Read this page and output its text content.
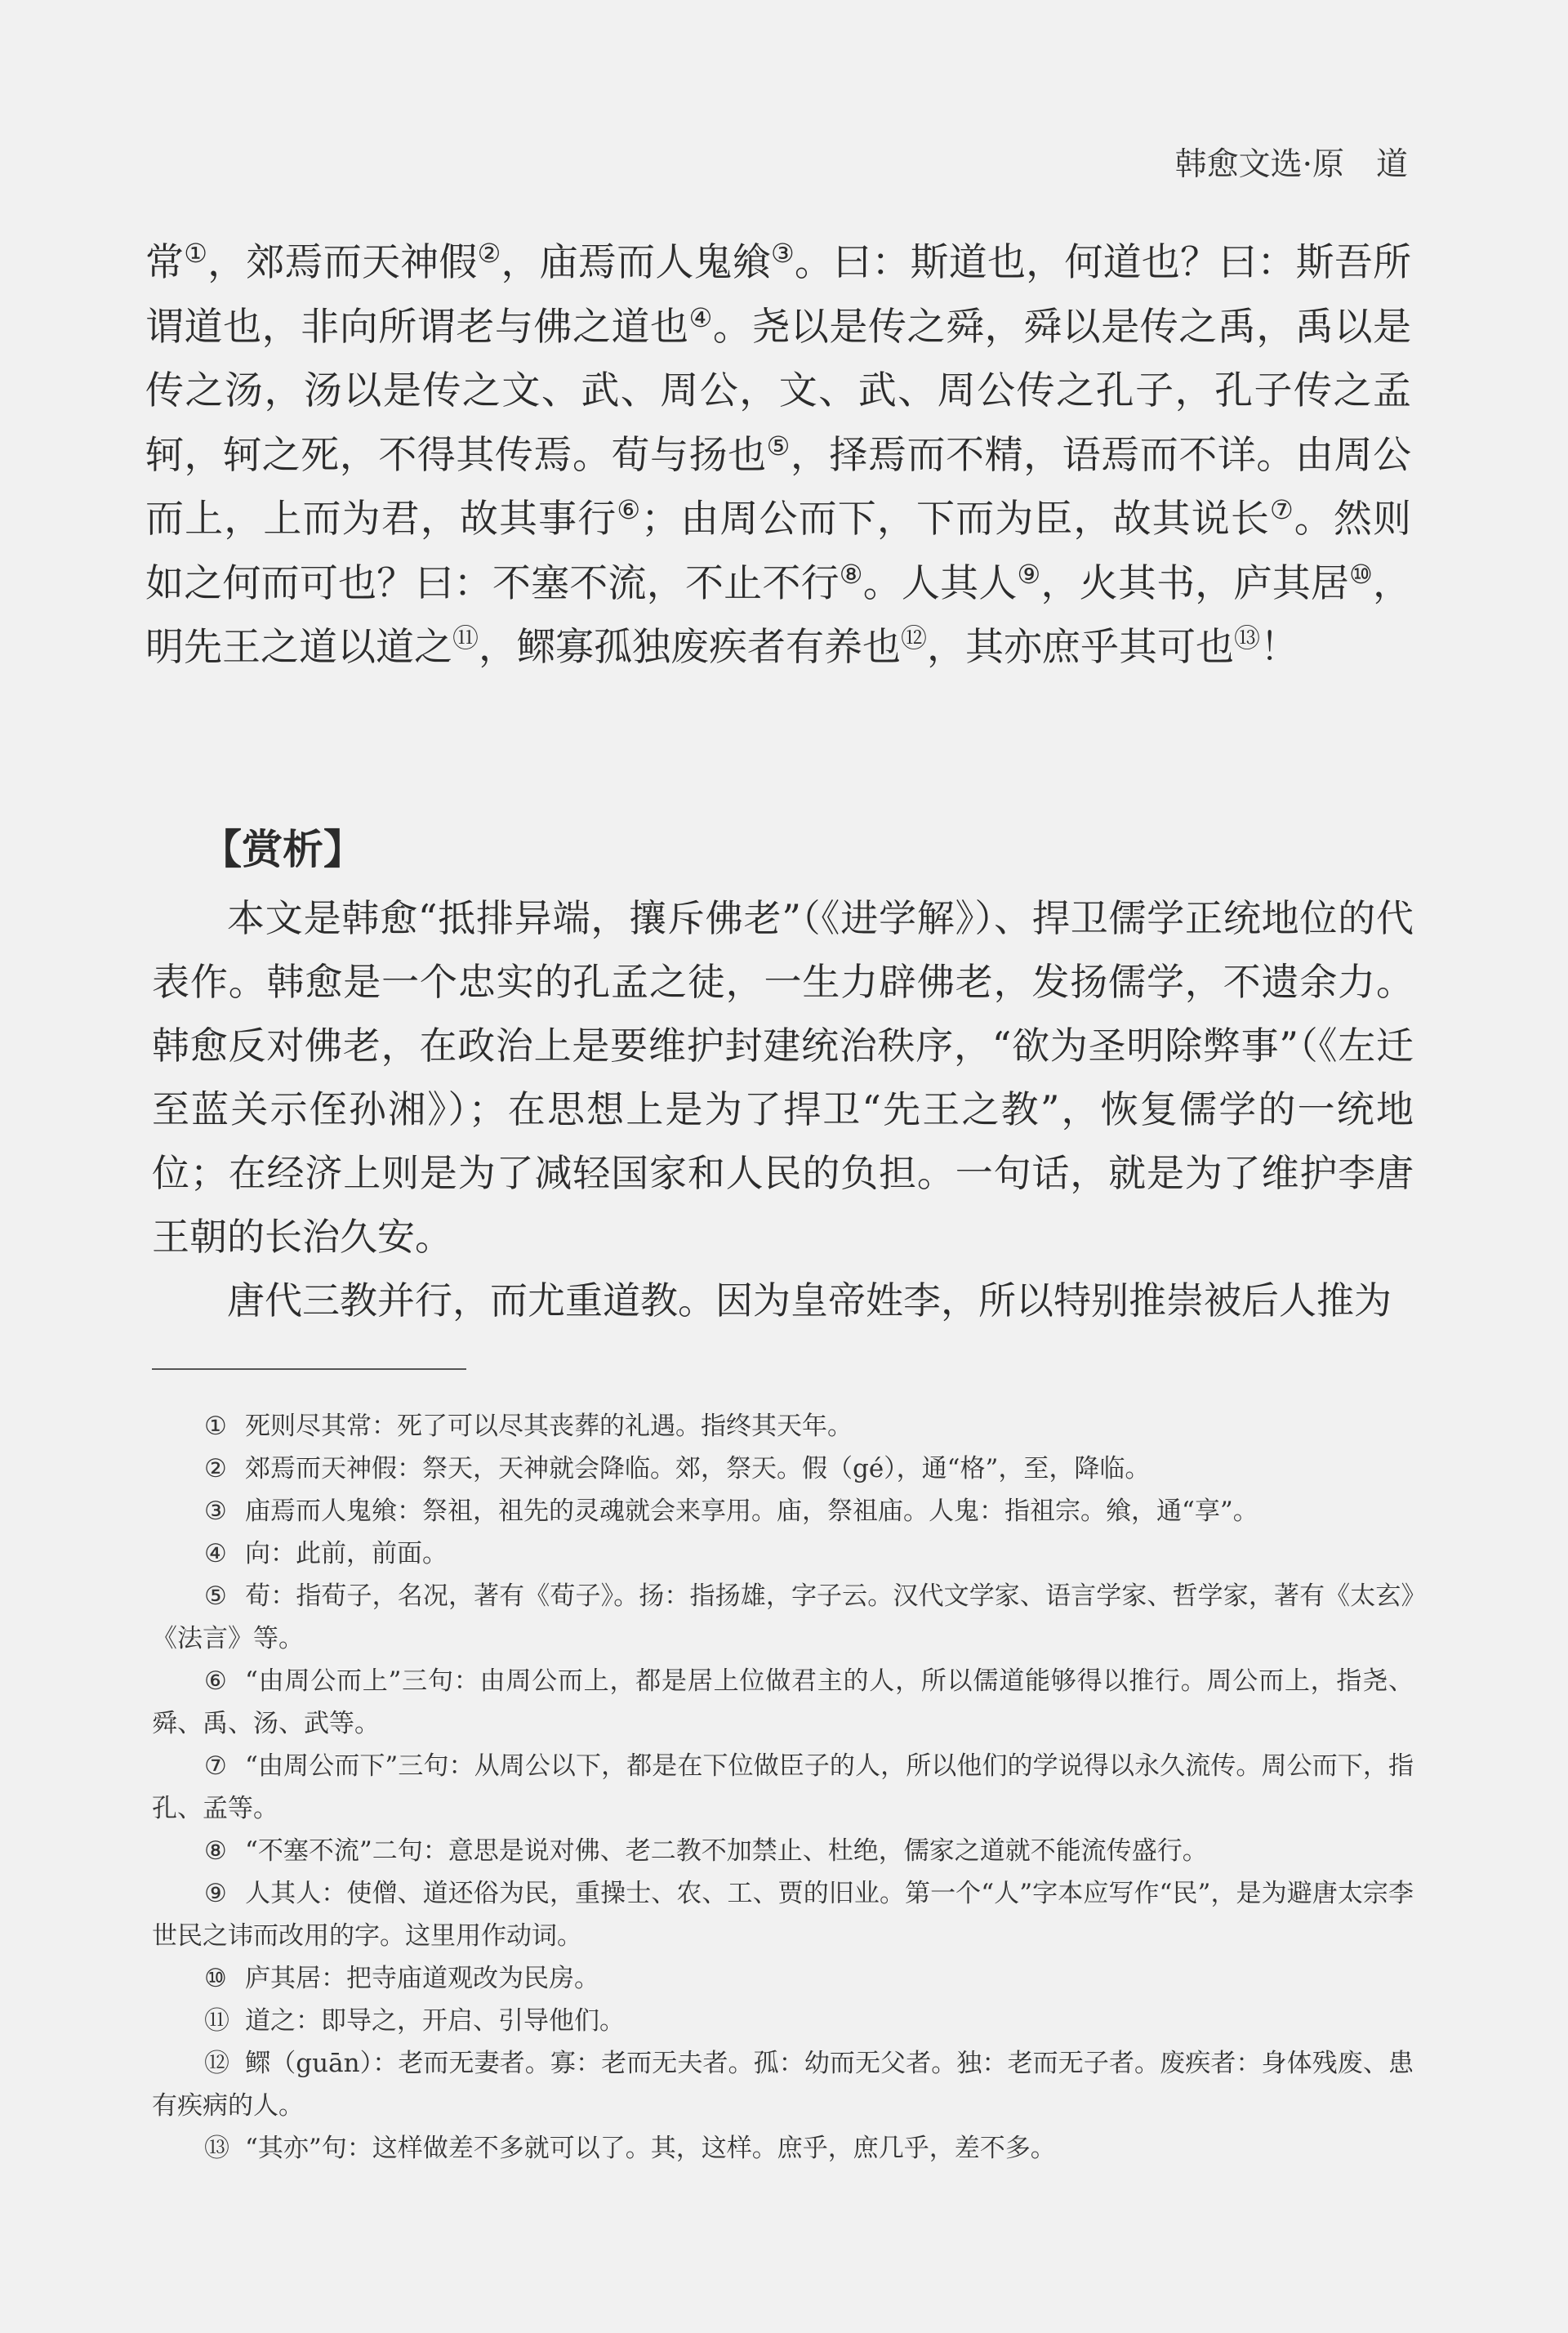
韩愈文选·原　道

常①，郊焉而天神假②，庙焉而人鬼飨③。曰：斯道也，何道也？曰：斯吾所谓道也，非向所谓老与佛之道也④。尧以是传之舜，舜以是传之禹，禹以是传之汤，汤以是传之文、武、周公，文、武、周公传之孔子，孔子传之孟轲，轲之死，不得其传焉。荀与扬也⑤，择焉而不精，语焉而不详。由周公而上，上而为君，故其事行⑥；由周公而下，下而为臣，故其说长⑦。然则如之何而可也？曰：不塞不流，不止不行⑧。人其人⑨，火其书，庐其居⑩，明先王之道以道之⑪，鳏寡孤独废疾者有养也⑫，其亦庶乎其可也⑬！

【赏析】

本文是韩愈“抵排异端，攘斥佛老”（《进学解》）、捍卫儒学正统地位的代表作。韩愈是一个忠实的孔孟之徒，一生力辟佛老，发扬儒学，不遗余力。韩愈反对佛老，在政治上是要维护封建统治秩序，“欲为圣明除弊事”（《左迁至蓝关示侄孙湘》）；在思想上是为了捍卫“先王之教”，恢复儒学的一统地位；在经济上则是为了减轻国家和人民的负担。一句话，就是为了维护李唐王朝的长治久安。

唐代三教并行，而尤重道教。因为皇帝姓李，所以特别推崇被后人推为

① 死则尽其常：死了可以尽其丧葬的礼遇。指终其天年。

② 郊焉而天神假：祭天，天神就会降临。郊，祭天。假（gé），通“格”，至，降临。

③ 庙焉而人鬼飨：祭祖，祖先的灵魂就会来享用。庙，祭祖庙。人鬼：指祖宗。飨，通“享”。

④ 向：此前，前面。

⑤ 荀：指荀子，名况，著有《荀子》。扬：指扬雄，字子云。汉代文学家、语言学家、哲学家，著有《太玄》《法言》等。

⑥ “由周公而上”三句：由周公而上，都是居上位做君主的人，所以儒道能够得以推行。周公而上，指尧、舜、禹、汤、武等。

⑦ “由周公而下”三句：从周公以下，都是在下位做臣子的人，所以他们的学说得以永久流传。周公而下，指孔、孟等。

⑧ “不塞不流”二句：意思是说对佛、老二教不加禁止、杜绝，儒家之道就不能流传盛行。

⑨ 人其人：使僧、道还俗为民，重操士、农、工、贾的旧业。第一个“人”字本应写作“民”，是为避唐太宗李世民之讳而改用的字。这里用作动词。

⑩ 庐其居：把寺庙道观改为民房。

⑪ 道之：即导之，开启、引导他们。

⑫ 鳏（guān）：老而无妻者。寡：老而无夫者。孤：幼而无父者。独：老而无子者。废疾者：身体残废、患有疾病的人。

⑬ “其亦”句：这样做差不多就可以了。其，这样。庶乎，庶几乎，差不多。
